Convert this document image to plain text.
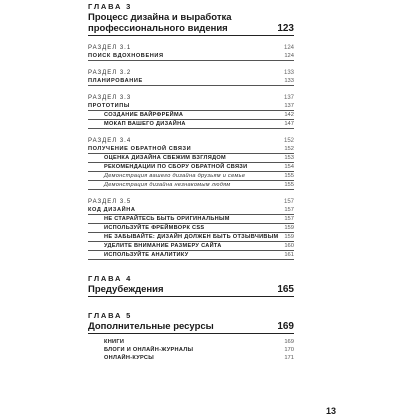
ГЛАВА 3
Процесс дизайна и выработка профессионального видения	123
РАЗДЕЛ 3.1	124
ПОИСК ВДОХНОВЕНИЯ	124
РАЗДЕЛ 3.2	133
ПЛАНИРОВАНИЕ	133
РАЗДЕЛ 3.3	137
ПРОТОТИПЫ	137
СОЗДАНИЕ ВАЙРФРЕЙМА	142
МОКАП ВАШЕГО ДИЗАЙНА	147
РАЗДЕЛ 3.4	152
ПОЛУЧЕНИЕ ОБРАТНОЙ СВЯЗИ	152
ОЦЕНКА ДИЗАЙНА СВЕЖИМ ВЗГЛЯДОМ	153
РЕКОМЕНДАЦИИ ПО СБОРУ ОБРАТНОЙ СВЯЗИ	154
Демонстрация вашего дизайна друзьям и семье	155
Демонстрация дизайна незнакомым людям	155
РАЗДЕЛ 3.5	157
КОД ДИЗАЙНА	157
НЕ СТАРАЙТЕСЬ БЫТЬ ОРИГИНАЛЬНЫМ	157
ИСПОЛЬЗУЙТЕ ФРЕЙМВОРК CSS	159
НЕ ЗАБЫВАЙТЕ: ДИЗАЙН ДОЛЖЕН БЫТЬ ОТЗЫВЧИВЫМ 159
УДЕЛИТЕ ВНИМАНИЕ РАЗМЕРУ САЙТА	160
ИСПОЛЬЗУЙТЕ АНАЛИТИКУ	161
ГЛАВА 4
Предубеждения	165
ГЛАВА 5
Дополнительные ресурсы	169
КНИГИ	169
БЛОГИ И ОНЛАЙН-ЖУРНАЛЫ	170
ОНЛАЙН-КУРСЫ	171
13
